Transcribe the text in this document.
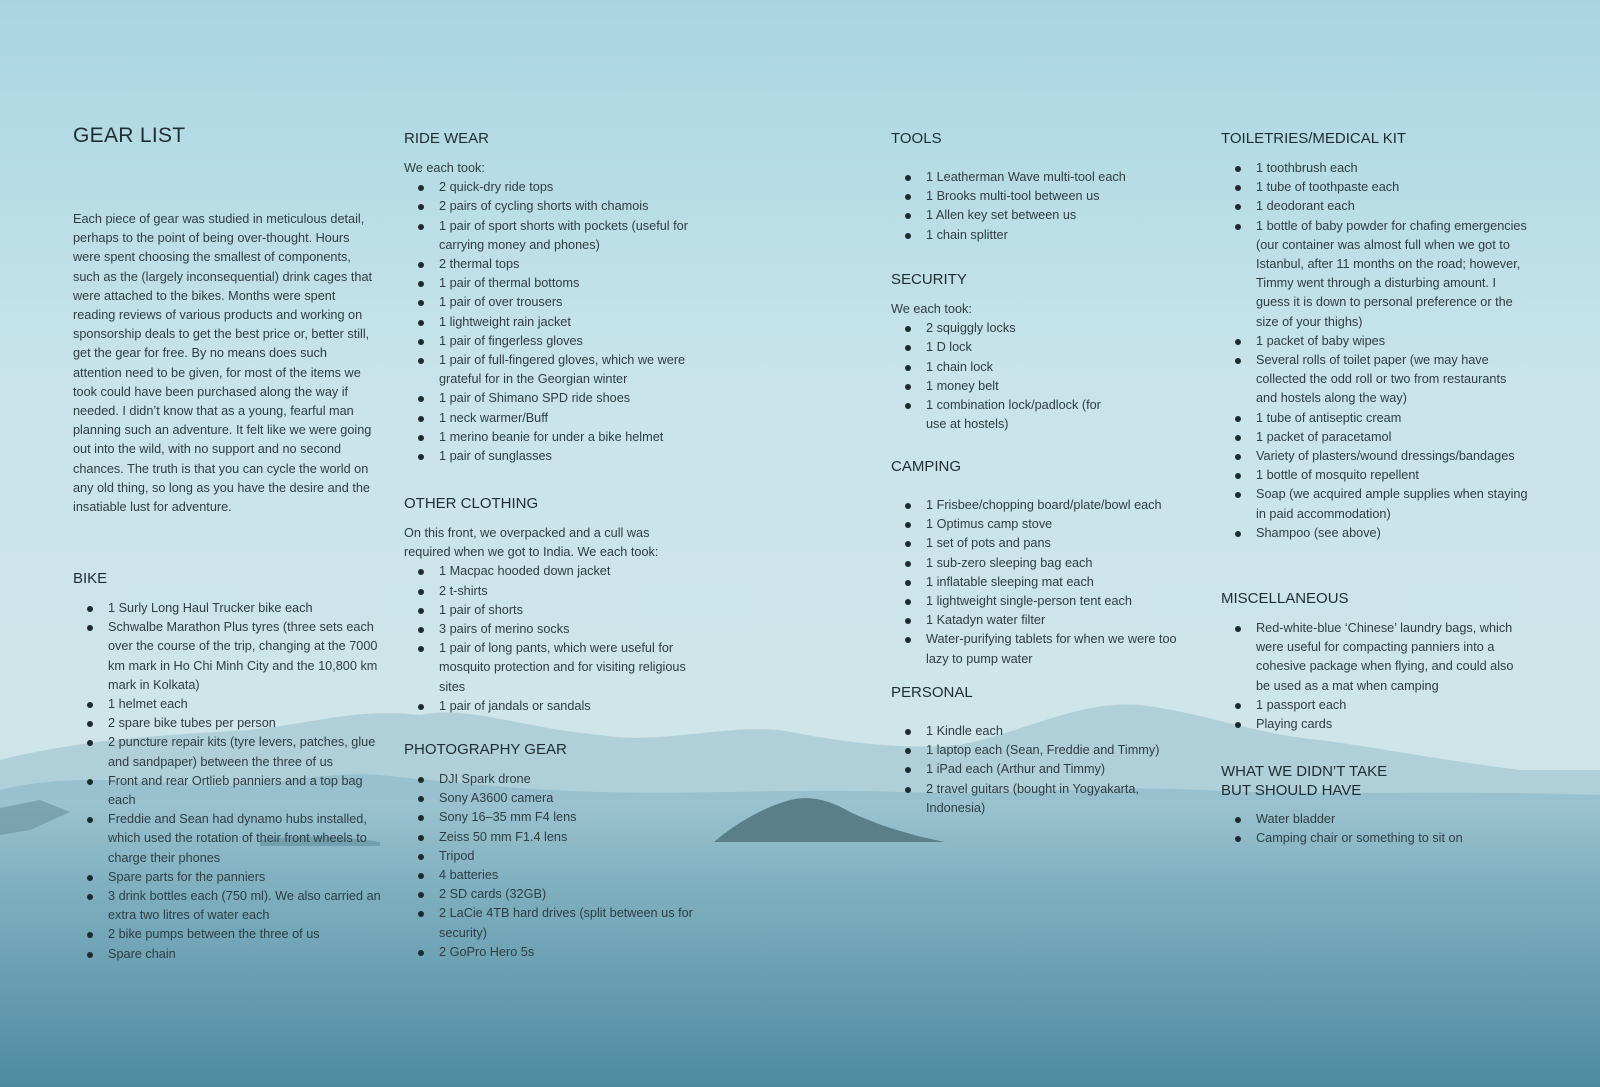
GEAR LIST

Each piece of gear was studied in meticulous detail, perhaps to the point of being over-thought. Hours were spent choosing the smallest of components, such as the (largely inconsequential) drink cages that were attached to the bikes. Months were spent reading reviews of various products and working on sponsorship deals to get the best price or, better still, get the gear for free. By no means does such attention need to be given, for most of the items we took could have been purchased along the way if needed. I didn’t know that as a young, fearful man planning such an adventure. It felt like we were going out into the wild, with no support and no second chances. The truth is that you can cycle the world on any old thing, so long as you have the desire and the insatiable lust for adventure.

BIKE
1 Surly Long Haul Trucker bike each
Schwalbe Marathon Plus tyres (three sets each over the course of the trip, changing at the 7000 km mark in Ho Chi Minh City and the 10,800 km mark in Kolkata)
1 helmet each
2 spare bike tubes per person
2 puncture repair kits (tyre levers, patches, glue and sandpaper) between the three of us
Front and rear Ortlieb panniers and a top bag each
Freddie and Sean had dynamo hubs installed, which used the rotation of their front wheels to charge their phones
Spare parts for the panniers
3 drink bottles each (750 ml). We also carried an extra two litres of water each
2 bike pumps between the three of us
Spare chain
RIDE WEAR

We each took:

2 quick-dry ride tops
2 pairs of cycling shorts with chamois
1 pair of sport shorts with pockets (useful for carrying money and phones)
2 thermal tops
1 pair of thermal bottoms
1 pair of over trousers
1 lightweight rain jacket
1 pair of fingerless gloves
1 pair of full-fingered gloves, which we were grateful for in the Georgian winter
1 pair of Shimano SPD ride shoes
1 neck warmer/Buff
1 merino beanie for under a bike helmet
1 pair of sunglasses
OTHER CLOTHING

On this front, we overpacked and a cull was required when we got to India. We each took:

1 Macpac hooded down jacket
2 t-shirts
1 pair of shorts
3 pairs of merino socks
1 pair of long pants, which were useful for mosquito protection and for visiting religious sites
1 pair of jandals or sandals
PHOTOGRAPHY GEAR
DJI Spark drone
Sony A3600 camera
Sony 16–35 mm F4 lens
Zeiss 50 mm F1.4 lens
Tripod
4 batteries
2 SD cards (32GB)
2 LaCie 4TB hard drives (split between us for security)
2 GoPro Hero 5s
TOOLS
1 Leatherman Wave multi-tool each
1 Brooks multi-tool between us
1 Allen key set between us
1 chain splitter
SECURITY

We each took:

2 squiggly locks
1 D lock
1 chain lock
1 money belt
1 combination lock/padlock (for use at hostels)
CAMPING
1 Frisbee/chopping board/plate/bowl each
1 Optimus camp stove
1 set of pots and pans
1 sub-zero sleeping bag each
1 inflatable sleeping mat each
1 lightweight single-person tent each
1 Katadyn water filter
Water-purifying tablets for when we were too lazy to pump water
PERSONAL
1 Kindle each
1 laptop each (Sean, Freddie and Timmy)
1 iPad each (Arthur and Timmy)
2 travel guitars (bought in Yogyakarta, Indonesia)
TOILETRIES/MEDICAL KIT
1 toothbrush each
1 tube of toothpaste each
1 deodorant each
1 bottle of baby powder for chafing emergencies (our container was almost full when we got to Istanbul, after 11 months on the road; however, Timmy went through a disturbing amount. I guess it is down to personal preference or the size of your thighs)
1 packet of baby wipes
Several rolls of toilet paper (we may have collected the odd roll or two from restaurants and hostels along the way)
1 tube of antiseptic cream
1 packet of paracetamol
Variety of plasters/wound dressings/bandages
1 bottle of mosquito repellent
Soap (we acquired ample supplies when staying in paid accommodation)
Shampoo (see above)
MISCELLANEOUS
Red-white-blue ‘Chinese’ laundry bags, which were useful for compacting panniers into a cohesive package when flying, and could also be used as a mat when camping
1 passport each
Playing cards
WHAT WE DIDN’T TAKE
BUT SHOULD HAVE
Water bladder
Camping chair or something to sit on
